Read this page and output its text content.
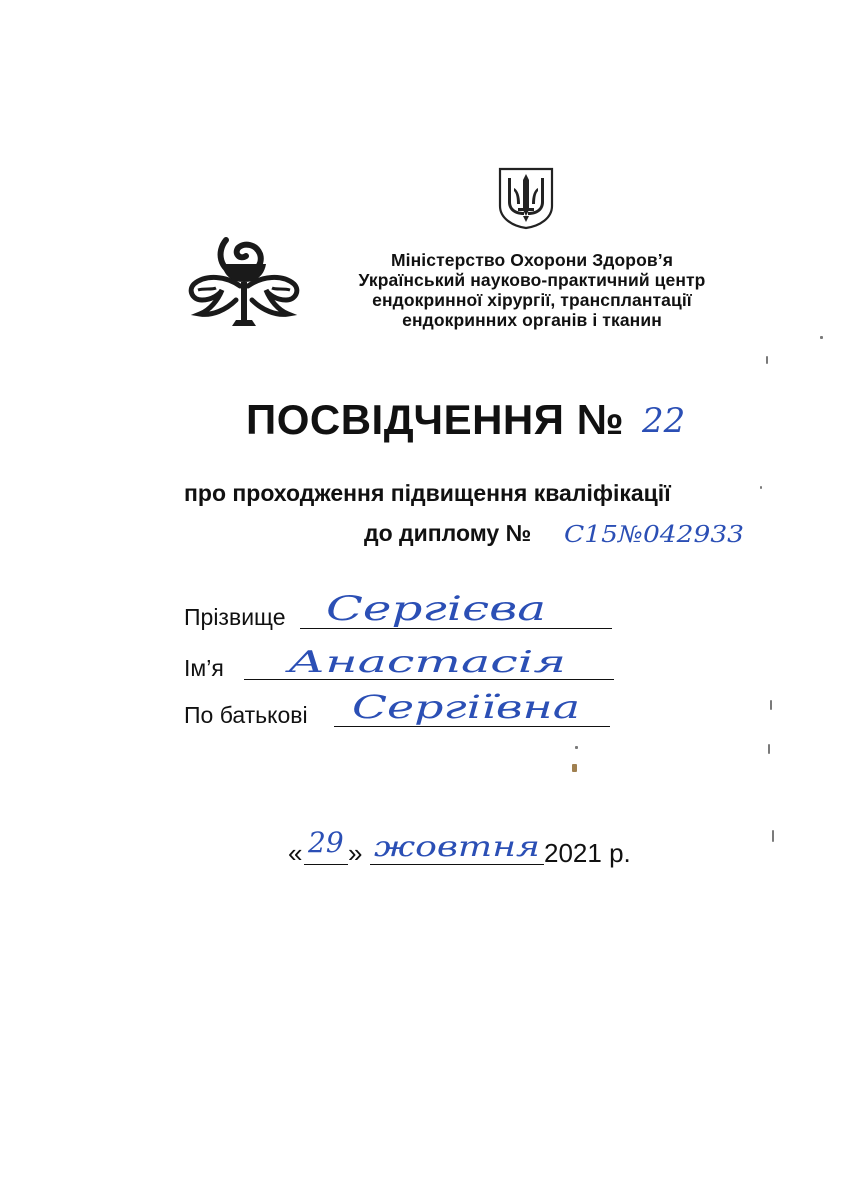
Міністерство Охорони Здоров’я
Український науково-практичний центр
ендокринної хірургії, трансплантації
ендокринних органів і тканин
ПОСВІДЧЕННЯ № 22
про проходження підвищення кваліфікації
до диплому № С15№042933
Прізвище Сергієва
Ім’я Анастасія
По батькові Сергіївна
« 29 » жовтня 2021 р.
